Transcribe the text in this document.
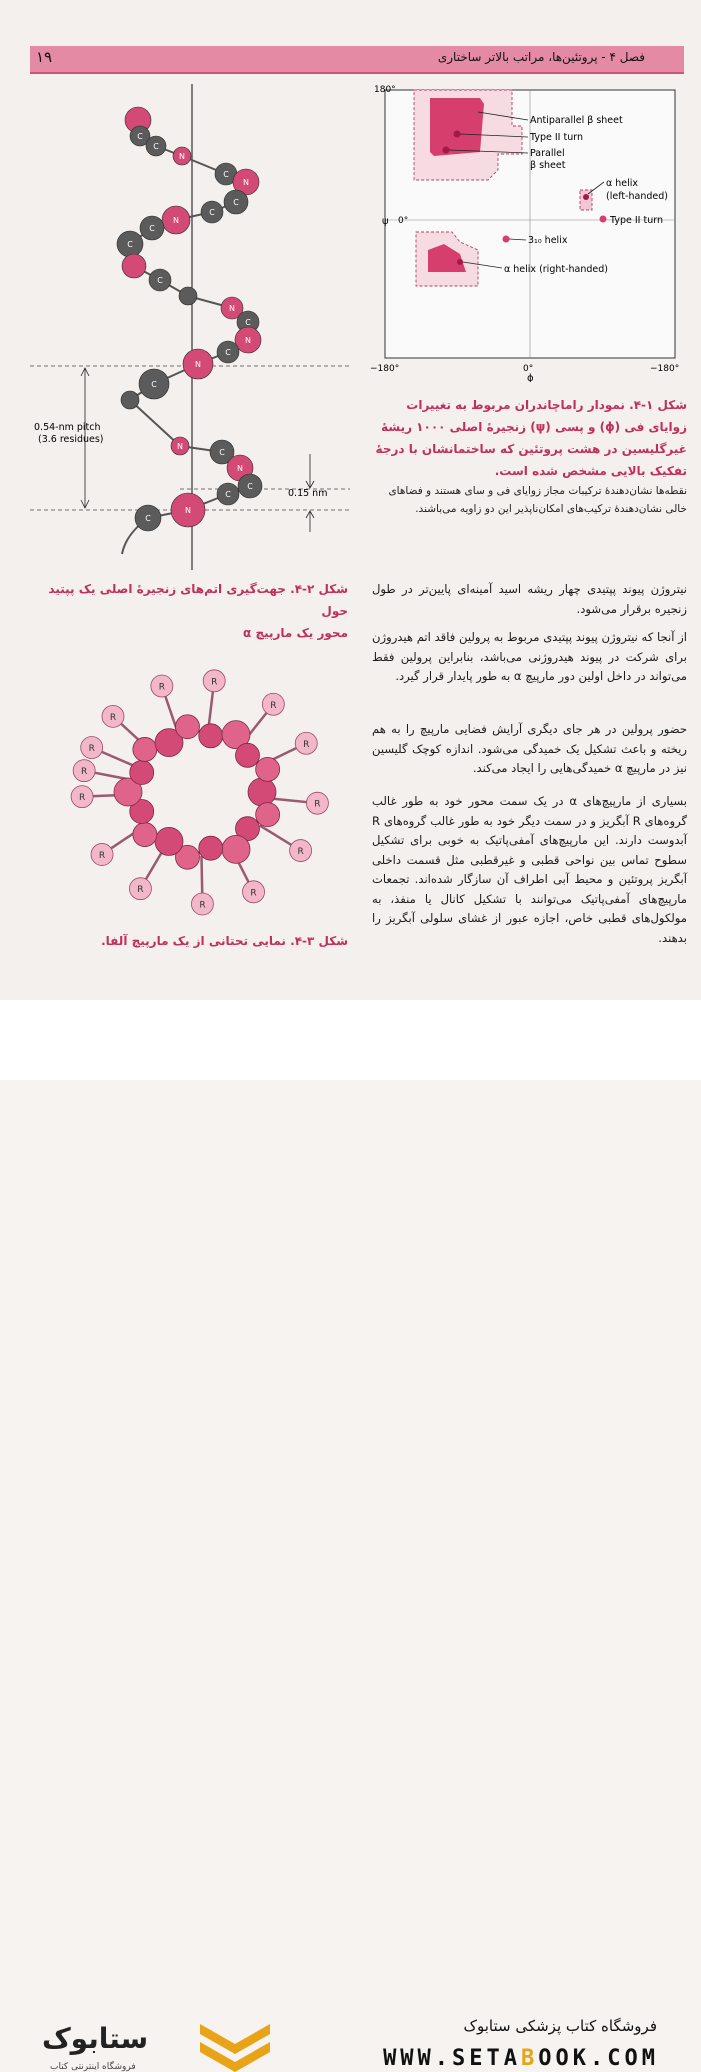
۱۹	فصل ۴ - پروتئین‌ها، مراتب بالاتر ساختاری
180°
−180°	−180°
0°
0°
ψ
ϕ
Antiparallel β sheet
Type II turn
Parallel
β sheet
α helix
(left-handed)
Type II turn
3₁₀ helix
α helix (right-handed)
شکل ۱-۴. نمودار راماچاندران مربوط به تغییرات زوایای فی (ϕ) و پسی (ψ) زنجیرهٔ اصلی ۱۰۰۰ ریشهٔ غیرگلیسین در هشت پروتئین که ساختمانشان با درجهٔ تفکیک بالایی مشخص شده است.
نقطه‌ها نشان‌دهندهٔ ترکیبات مجاز زوایای فی و سای هستند و فضاهای خالی نشان‌دهندهٔ ترکیب‌های امکان‌ناپذیر این دو زاویه می‌باشند.
0.54-nm pitch
(3.6 residues)
0.15 nm
C
C
N
C
N
C
C
N
C
C
C
N
C
N
C
N
C
N
C
N
C
C
N
C
شکل ۲-۴. جهت‌گیری اتم‌های زنجیرهٔ اصلی یک پپتید حول
محور یک مارپیچ α
R
R
R
R
R
R
R
R
R
R
R
R
R
R
شکل ۳-۴. نمایی تحتانی از یک مارپیچ آلفا.
نیتروژن پیوند پپتیدی چهار ریشه اسید آمینه‌ای پایین‌تر در طول زنجیره برقرار می‌شود.
از آنجا که نیتروژن پیوند پپتیدی مربوط به پرولین فاقد اتم هیدروژن برای شرکت در پیوند هیدروژنی می‌باشد، بنابراین پرولین فقط می‌تواند در داخل اولین دور مارپیچ α به طور پایدار قرار گیرد.
حضور پرولین در هر جای دیگری آرایش فضایی مارپیچ را به هم ریخته و باعث تشکیل یک خمیدگی می‌شود. اندازه کوچک گلیسین نیز در مارپیچ α خمیدگی‌هایی را ایجاد می‌کند.
بسیاری از مارپیچ‌های α در یک سمت محور خود به طور غالب گروه‌های R آبگریز و در سمت دیگر خود به طور غالب گروه‌های R آبدوست دارند. این مارپیچ‌های آمفی‌پاتیک به خوبی برای تشکیل سطوح تماس بین نواحی قطبی و غیرقطبی مثل قسمت داخلی آبگریز پروتئین و محیط آبی اطراف آن سازگار شده‌اند. تجمعات مارپیچ‌های آمفی‌پاتیک می‌توانند با تشکیل کانال یا منفذ، به مولکول‌های قطبی خاص، اجازه عبور از غشای سلولی آبگریز را بدهند.
ستابوک
فروشگاه اینترنتی کتاب
فروشگاه کتاب پزشکی ستابوک
WWW.SETABOOK.COM
